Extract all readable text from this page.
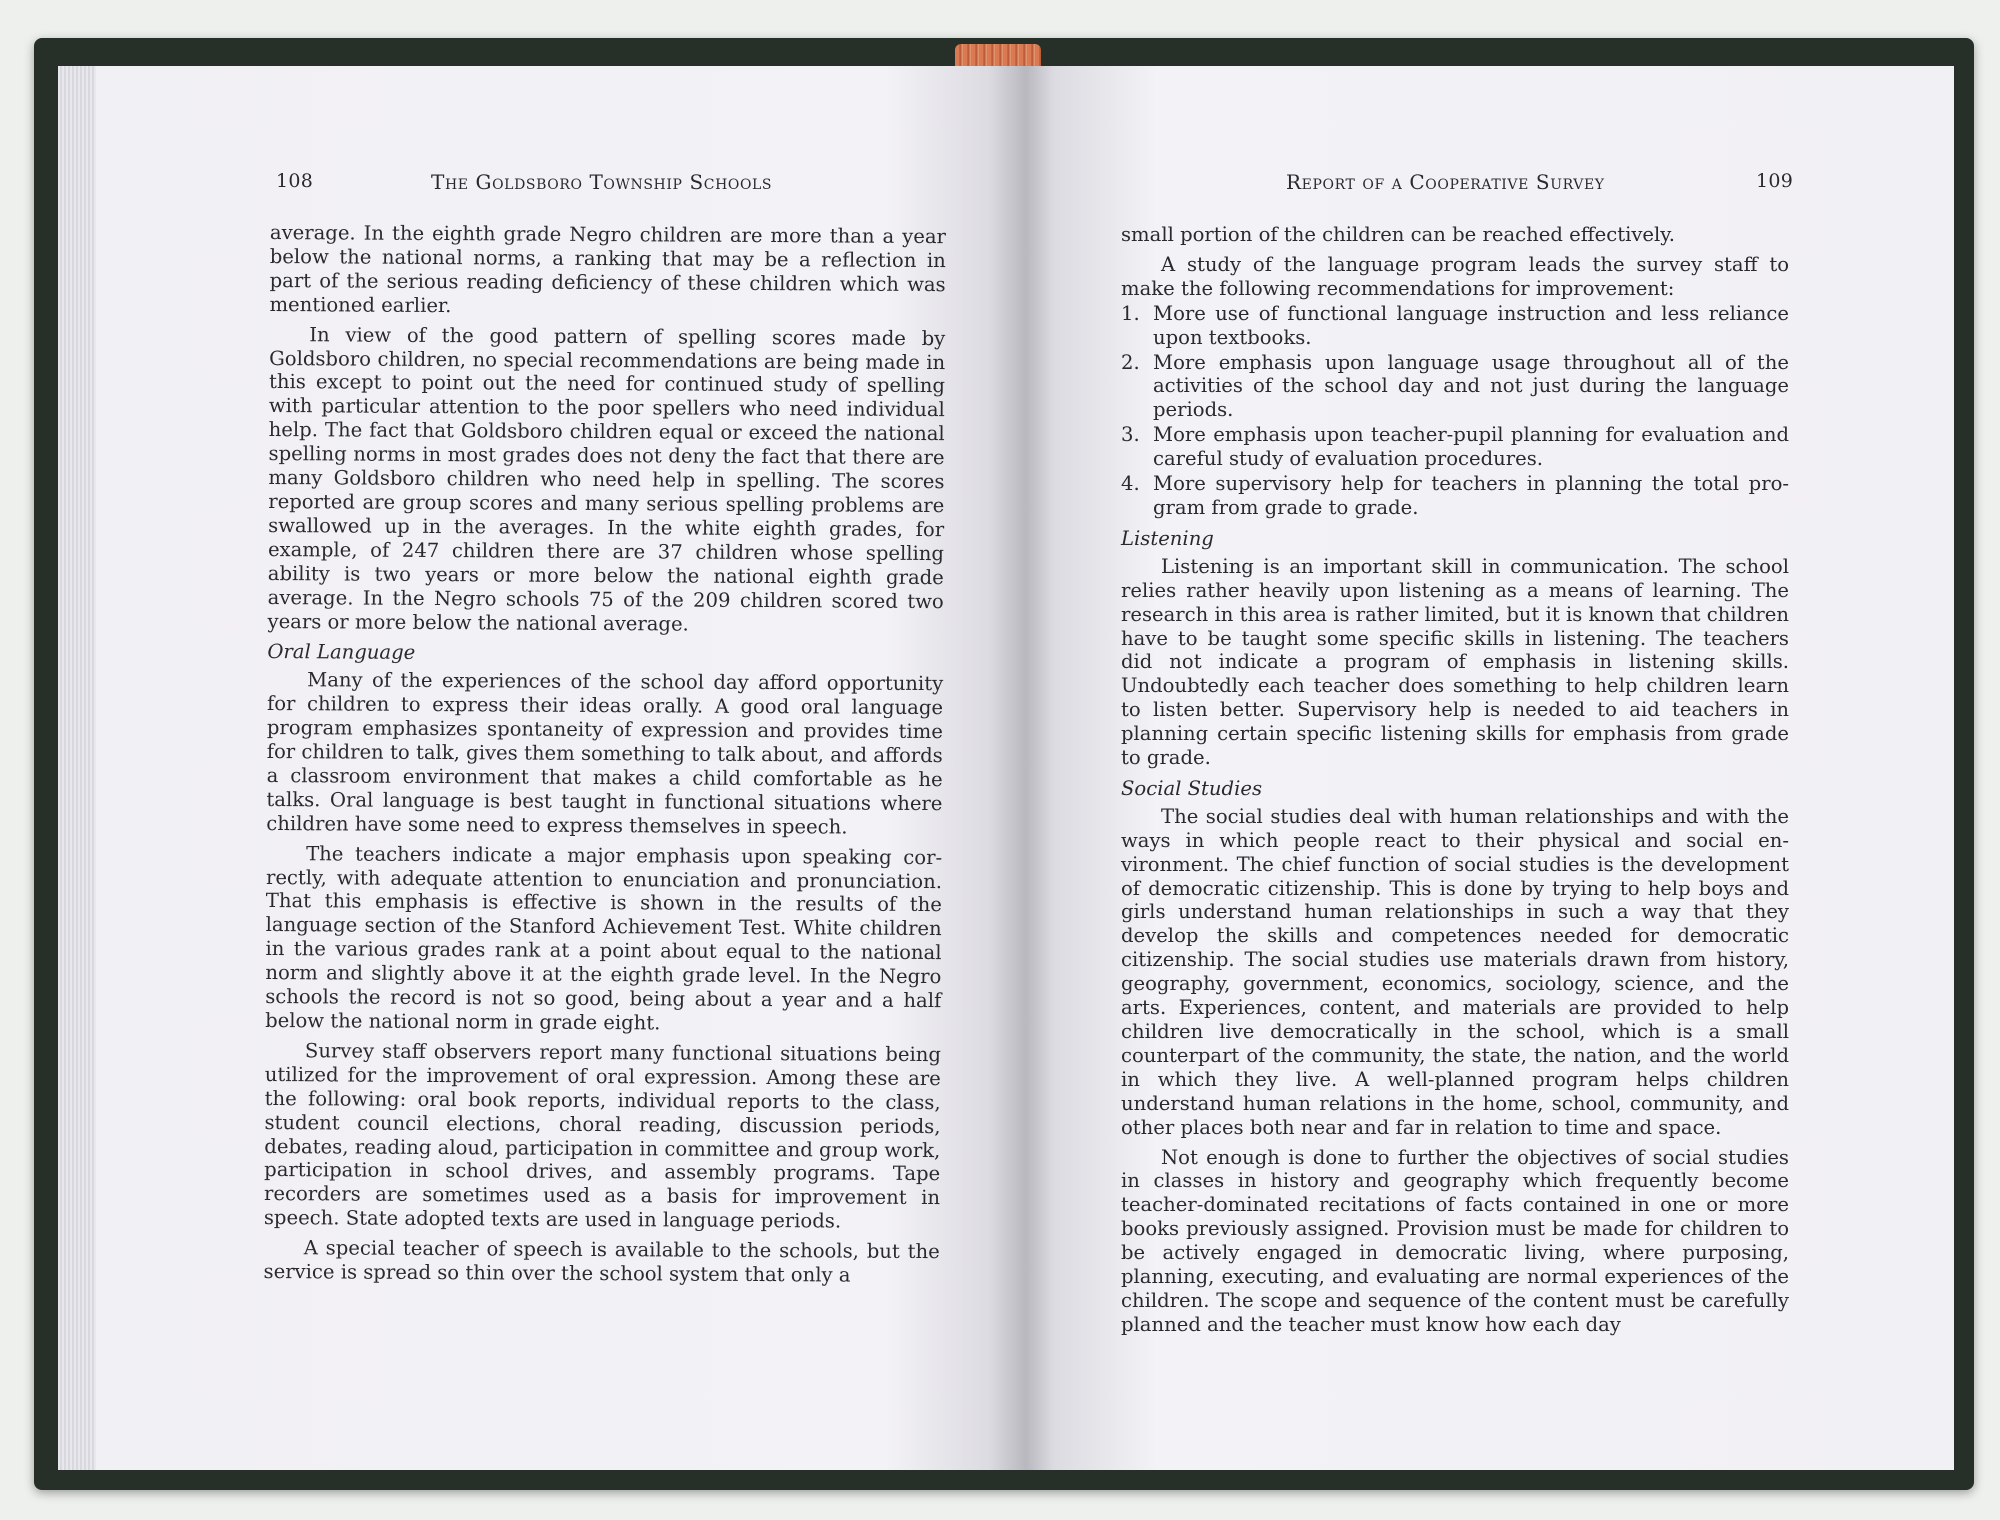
108	The Goldsboro Township Schools

average. In the eighth grade Negro children are more than a year below the national norms, a ranking that may be a reflection in part of the serious reading deficiency of these children which was mentioned earlier.

In view of the good pattern of spelling scores made by Goldsboro children, no special recommendations are being made in this except to point out the need for continued study of spelling with particular attention to the poor spellers who need individual help. The fact that Goldsboro children equal or exceed the national spelling norms in most grades does not deny the fact that there are many Goldsboro children who need help in spelling. The scores reported are group scores and many serious spelling problems are swallowed up in the averages. In the white eighth grades, for example, of 247 children there are 37 children whose spelling ability is two years or more below the national eighth grade average. In the Negro schools 75 of the 209 children scored two years or more below the national average.

Oral Language

Many of the experiences of the school day afford opportunity for children to express their ideas orally. A good oral language program emphasizes spontaneity of expression and provides time for children to talk, gives them something to talk about, and affords a classroom environment that makes a child comfortable as he talks. Oral language is best taught in functional situations where children have some need to express themselves in speech.

The teachers indicate a major emphasis upon speaking correctly, with adequate attention to enunciation and pronunciation. That this emphasis is effective is shown in the results of the language section of the Stanford Achievement Test. White children in the various grades rank at a point about equal to the national norm and slightly above it at the eighth grade level. In the Negro schools the record is not so good, being about a year and a half below the national norm in grade eight.

Survey staff observers report many functional situations being utilized for the improvement of oral expression. Among these are the following: oral book reports, individual reports to the class, student council elections, choral reading, discussion periods, debates, reading aloud, participation in committee and group work, participation in school drives, and assembly programs. Tape recorders are sometimes used as a basis for improvement in speech. State adopted texts are used in language periods.

A special teacher of speech is available to the schools, but the service is spread so thin over the school system that only a

Report of a Cooperative Survey	109

small portion of the children can be reached effectively.

A study of the language program leads the survey staff to make the following recommendations for improvement:

1. More use of functional language instruction and less reliance upon textbooks.
2. More emphasis upon language usage throughout all of the activities of the school day and not just during the language periods.
3. More emphasis upon teacher-pupil planning for evaluation and careful study of evaluation procedures.
4. More supervisory help for teachers in planning the total program from grade to grade.
Listening

Listening is an important skill in communication. The school relies rather heavily upon listening as a means of learning. The research in this area is rather limited, but it is known that children have to be taught some specific skills in listening. The teachers did not indicate a program of emphasis in listening skills. Undoubtedly each teacher does something to help children learn to listen better. Supervisory help is needed to aid teachers in planning certain specific listening skills for emphasis from grade to grade.

Social Studies

The social studies deal with human relationships and with the ways in which people react to their physical and social environment. The chief function of social studies is the development of democratic citizenship. This is done by trying to help boys and girls understand human relationships in such a way that they develop the skills and competences needed for democratic citizenship. The social studies use materials drawn from history, geography, government, economics, sociology, science, and the arts. Experiences, content, and materials are provided to help children live democratically in the school, which is a small counterpart of the community, the state, the nation, and the world in which they live. A well-planned program helps children understand human relations in the home, school, community, and other places both near and far in relation to time and space.

Not enough is done to further the objectives of social studies in classes in history and geography which frequently become teacher-dominated recitations of facts contained in one or more books previously assigned. Provision must be made for children to be actively engaged in democratic living, where purposing, planning, executing, and evaluating are normal experiences of the children. The scope and sequence of the content must be carefully planned and the teacher must know how each day
